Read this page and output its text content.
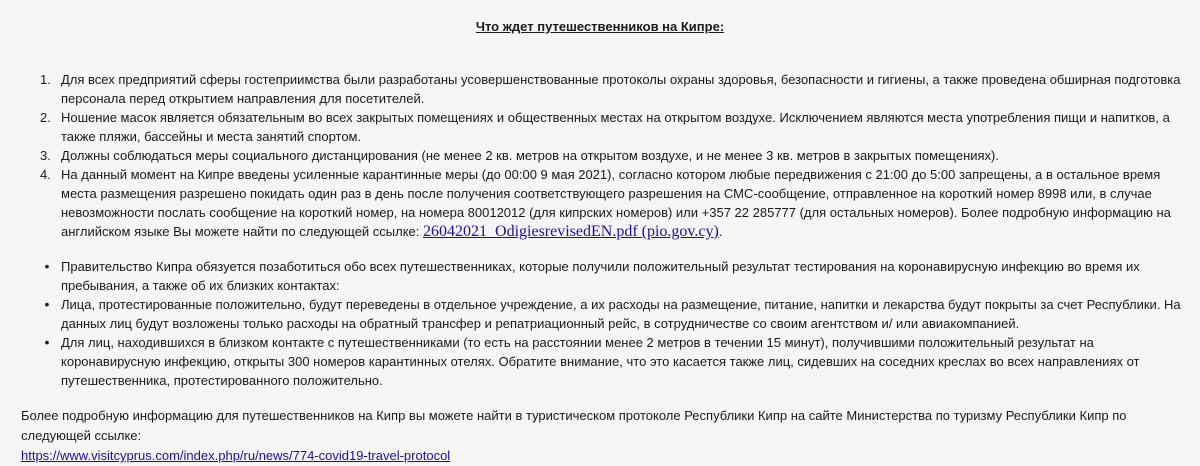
Что ждет путешественников на Кипре:
1. Для всех предприятий сферы гостеприимства были разработаны усовершенствованные протоколы охраны здоровья, безопасности и гигиены, а также проведена обширная подготовка персонала перед открытием направления для посетителей.
2. Ношение масок является обязательным во всех закрытых помещениях и общественных местах на открытом воздухе. Исключением являются места употребления пищи и напитков, а также пляжи, бассейны и места занятий спортом.
3. Должны соблюдаться меры социального дистанцирования (не менее 2 кв. метров на открытом воздухе, и не менее 3 кв. метров в закрытых помещениях).
4. На данный момент на Кипре введены усиленные карантинные меры (до 00:00 9 мая 2021), согласно котором любые передвижения с 21:00 до 5:00 запрещены, а в остальное время места размещения разрешено покидать один раз в день после получения соответствующего разрешения на СМС-сообщение, отправленное на короткий номер 8998 или, в случае невозможности послать сообщение на короткий номер, на номера 80012012 (для кипрских номеров) или +357 22 285777 (для остальных номеров). Более подробную информацию на английском языке Вы можете найти по следующей ссылке: 26042021_OdigiesrevisedEN.pdf (pio.gov.cy).
• Правительство Кипра обязуется позаботиться обо всех путешественниках, которые получили положительный результат тестирования на коронавирусную инфекцию во время их пребывания, а также об их близких контактах:
• Лица, протестированные положительно, будут переведены в отдельное учреждение, а их расходы на размещение, питание, напитки и лекарства будут покрыты за счет Республики. На данных лиц будут возложены только расходы на обратный трансфер и репатриационный рейс, в сотрудничестве со своим агентством и/ или авиакомпанией.
• Для лиц, находившихся в близком контакте с путешественниками (то есть на расстоянии менее 2 метров в течении 15 минут), получившими положительный результат на коронавирусную инфекцию, открыты 300 номеров карантинных отелях. Обратите внимание, что это касается также лиц, сидевших на соседних креслах во всех направлениях от путешественника, протестированного положительно.
Более подробную информацию для путешественников на Кипр вы можете найти в туристическом протоколе Республики Кипр на сайте Министерства по туризму Республики Кипр по следующей ссылке:
https://www.visitcyprus.com/index.php/ru/news/774-covid19-travel-protocol
